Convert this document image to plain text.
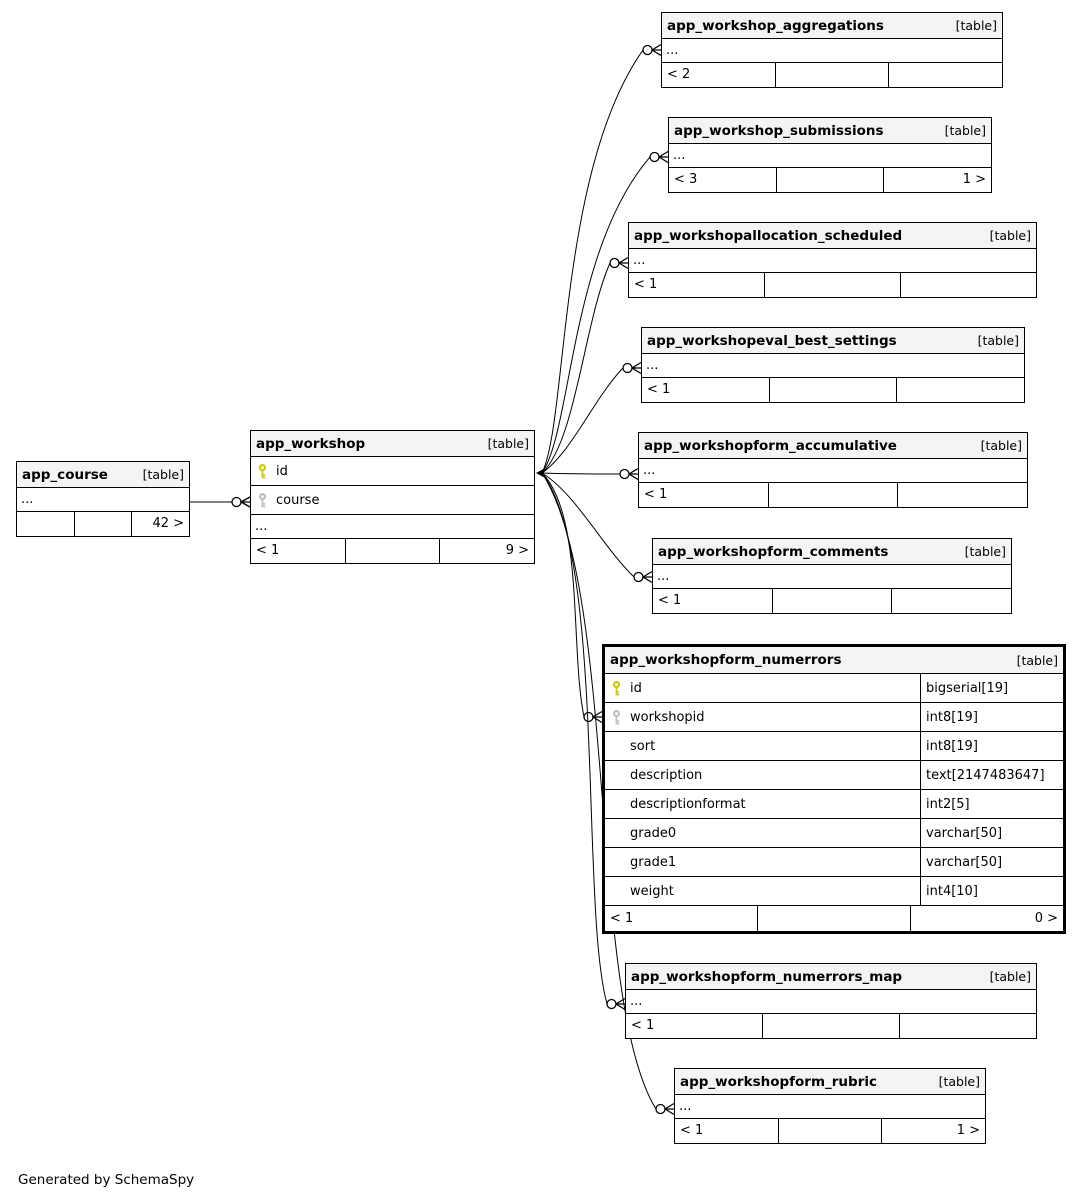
app_course	[table]
...
42 >
app_workshop	[table]
id
course
...
< 1	9 >
app_workshop_aggregations	[table]
...
< 2
app_workshop_submissions	[table]
...
< 3	1 >
app_workshopallocation_scheduled	[table]
...
< 1
app_workshopeval_best_settings	[table]
...
< 1
app_workshopform_accumulative	[table]
...
< 1
app_workshopform_comments	[table]
...
< 1
app_workshopform_numerrors	[table]
id	bigserial[19]
workshopid	int8[19]
sort	int8[19]
description	text[2147483647]
descriptionformat	int2[5]
grade0	varchar[50]
grade1	varchar[50]
weight	int4[10]
< 1	0 >
app_workshopform_numerrors_map	[table]
...
< 1
app_workshopform_rubric	[table]
...
< 1	1 >
Generated by SchemaSpy
